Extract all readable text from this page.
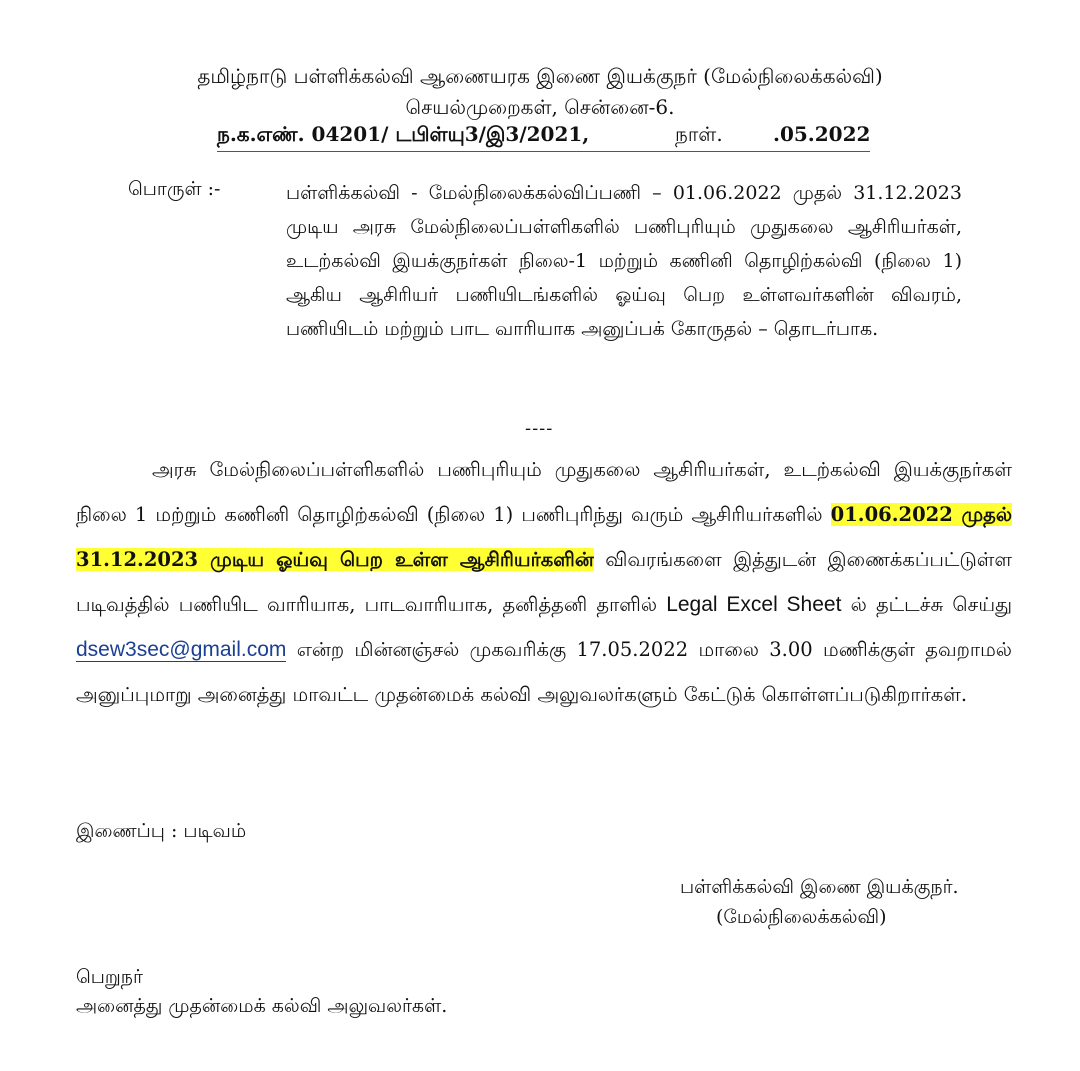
தமிழ்நாடு பள்ளிக்கல்வி ஆணையரக இணை இயக்குநர் (மேல்நிலைக்கல்வி)
செயல்முறைகள், சென்னை-6.
ந.க.எண். 04201/ டபிள்யு3/இ3/2021,	நாள்.	.05.2022
பொருள் :-	பள்ளிக்கல்வி - மேல்நிலைக்கல்விப்பணி – 01.06.2022 முதல் 31.12.2023 முடிய அரசு மேல்நிலைப்பள்ளிகளில் பணிபுரியும் முதுகலை ஆசிரியர்கள், உடற்கல்வி இயக்குநர்கள் நிலை-1 மற்றும் கணினி தொழிற்கல்வி (நிலை 1) ஆகிய ஆசிரியர் பணியிடங்களில் ஓய்வு பெற உள்ளவர்களின் விவரம், பணியிடம் மற்றும் பாட வாரியாக அனுப்பக் கோருதல் – தொடர்பாக.
----
அரசு மேல்நிலைப்பள்ளிகளில் பணிபுரியும் முதுகலை ஆசிரியர்கள், உடற்கல்வி இயக்குநர்கள் நிலை 1 மற்றும் கணினி தொழிற்கல்வி (நிலை 1) பணிபுரிந்து வரும் ஆசிரியர்களில் 01.06.2022 முதல் 31.12.2023 முடிய ஓய்வு பெற உள்ள ஆசிரியர்களின் விவரங்களை இத்துடன் இணைக்கப்பட்டுள்ள படிவத்தில் பணியிட வாரியாக, பாடவாரியாக, தனித்தனி தாளில் Legal Excel Sheet ல் தட்டச்சு செய்து dsew3sec@gmail.com என்ற மின்னஞ்சல் முகவரிக்கு 17.05.2022 மாலை 3.00 மணிக்குள் தவறாமல் அனுப்புமாறு அனைத்து மாவட்ட முதன்மைக் கல்வி அலுவலர்களும் கேட்டுக் கொள்ளப்படுகிறார்கள்.
இணைப்பு : படிவம்
பள்ளிக்கல்வி இணை இயக்குநர்.
(மேல்நிலைக்கல்வி)
பெறுநர்
அனைத்து முதன்மைக் கல்வி அலுவலர்கள்.
